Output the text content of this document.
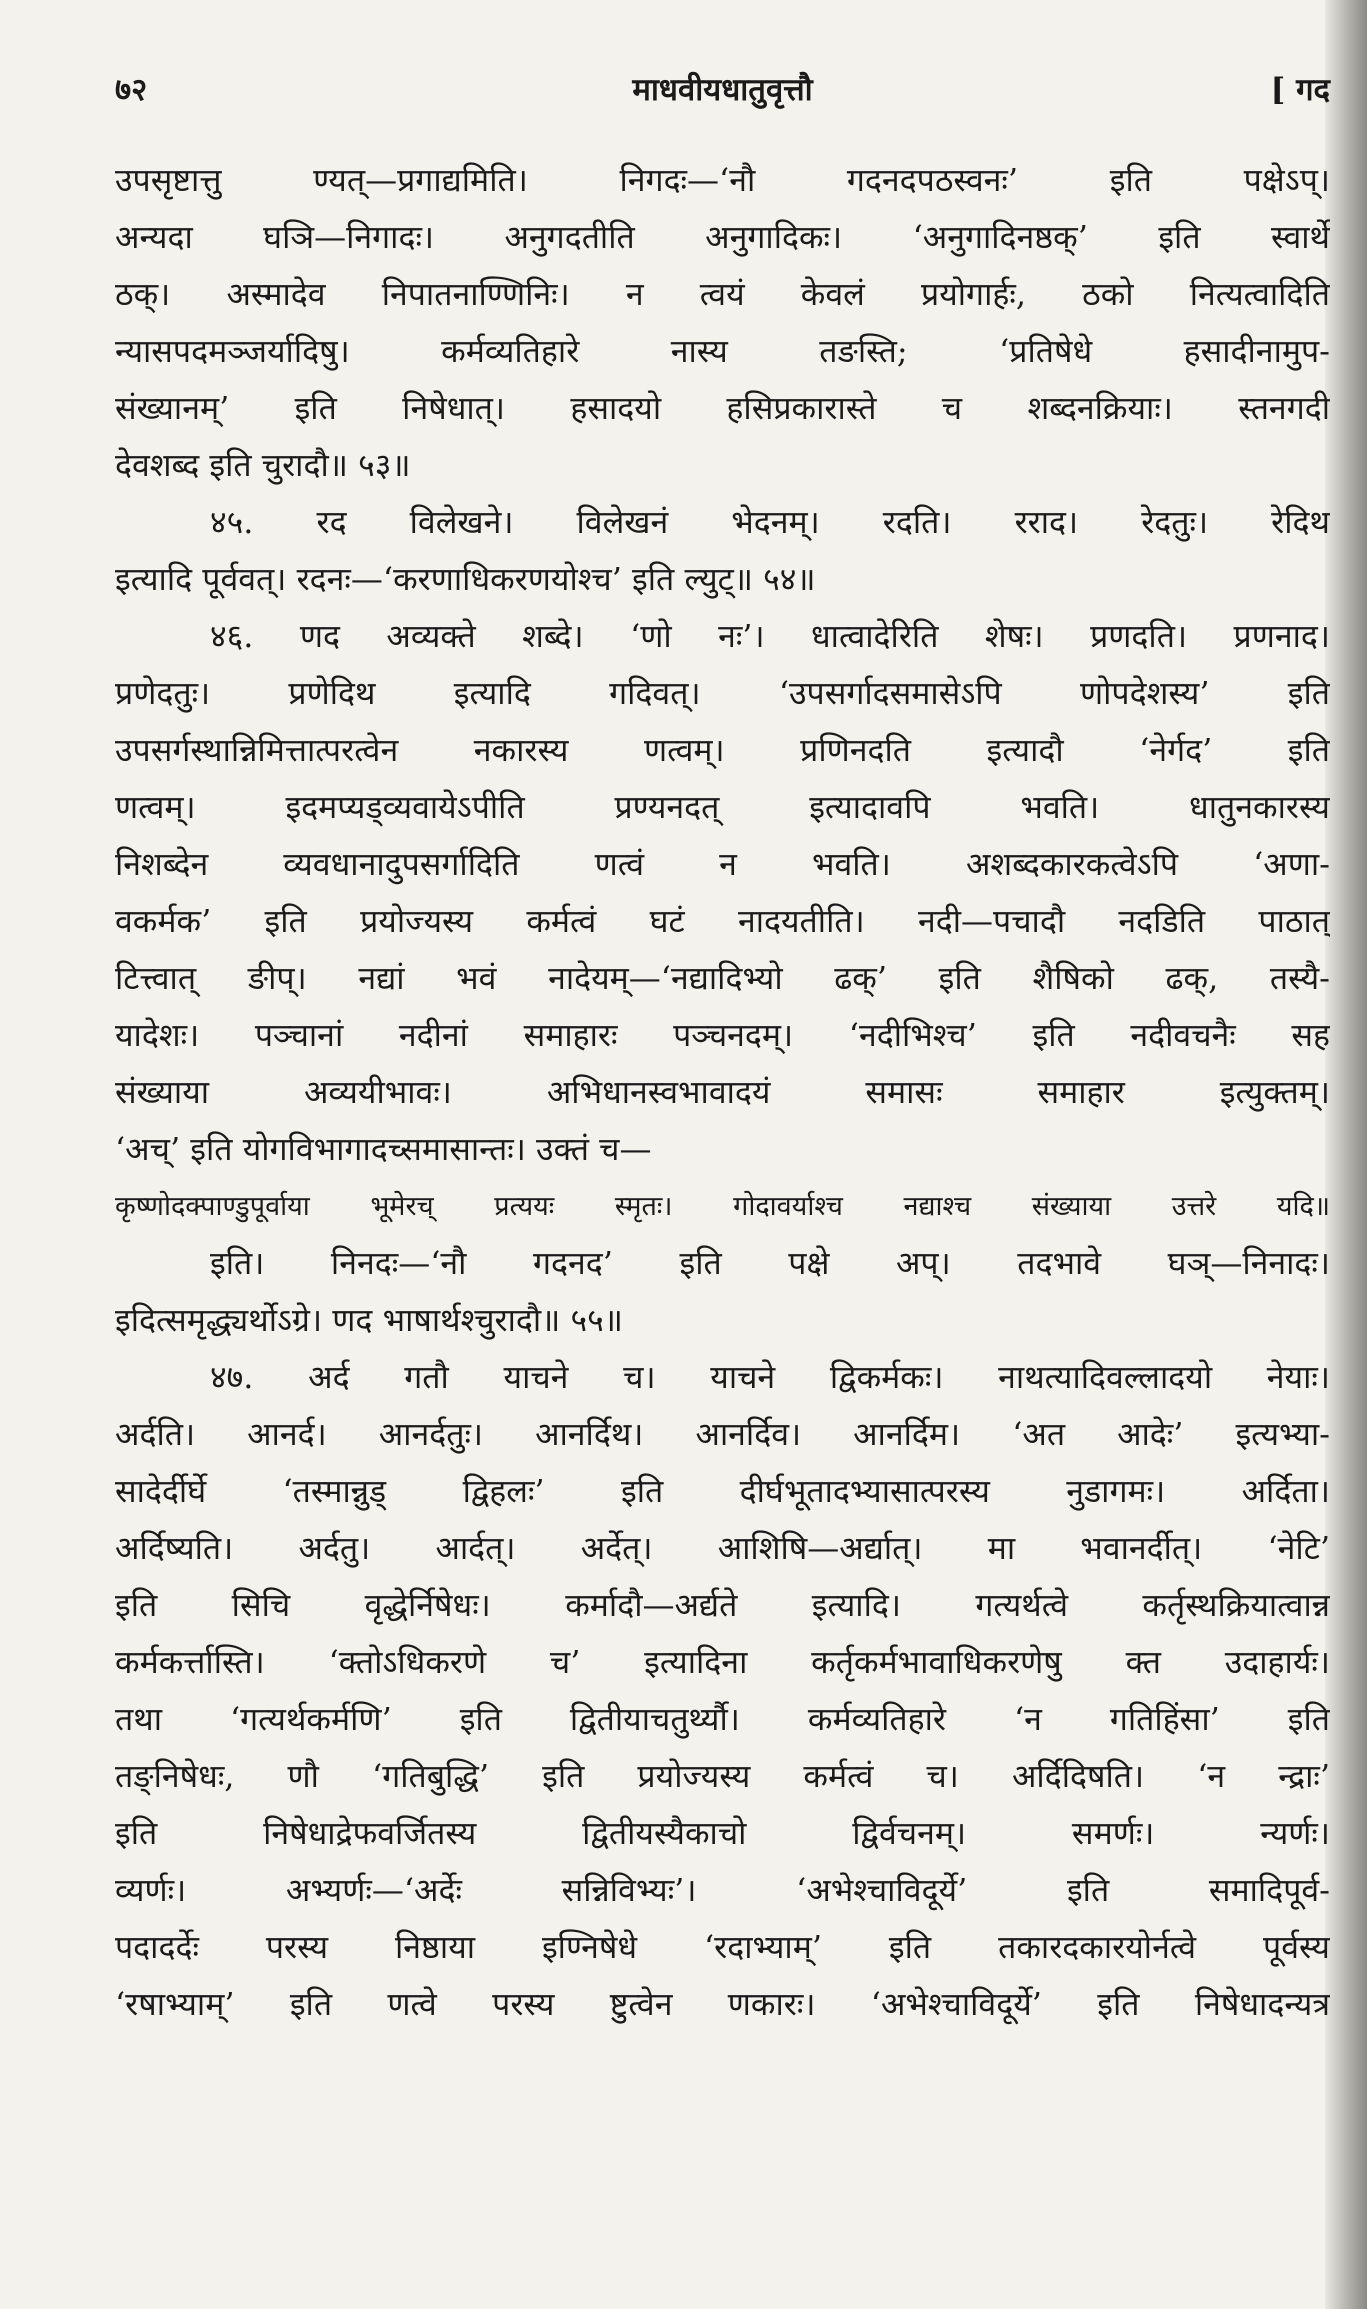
७२	माधवीयधातुवृत्तौ	[ गद
उपसृष्टात्तु ण्यत्—प्रगाद्यमिति। निगदः—‘नौ गदनदपठस्वनः’ इति पक्षेऽप्।
अन्यदा घञि—निगादः। अनुगदतीति अनुगादिकः। ‘अनुगादिनष्ठक्’ इति स्वार्थे
ठक्। अस्मादेव निपातनाण्णिनिः। न त्वयं केवलं प्रयोगार्हः, ठको नित्यत्वादिति
न्यासपदमञ्जर्यादिषु। कर्मव्यतिहारे नास्य तङस्ति; ‘प्रतिषेधे हसादीनामुप-
संख्यानम्’ इति निषेधात्। हसादयो हसिप्रकारास्ते च शब्दनक्रियाः। स्तनगदी
देवशब्द इति चुरादौ॥ ५३॥
४५. रद विलेखने। विलेखनं भेदनम्। रदति। रराद। रेदतुः। रेदिथ
इत्यादि पूर्ववत्। रदनः—‘करणाधिकरणयोश्च’ इति ल्युट्॥ ५४॥
४६. णद अव्यक्ते शब्दे। ‘णो नः’। धात्वादेरिति शेषः। प्रणदति। प्रणनाद।
प्रणेदतुः। प्रणेदिथ इत्यादि गदिवत्। ‘उपसर्गादसमासेऽपि णोपदेशस्य’ इति
उपसर्गस्थान्निमित्तात्परत्वेन नकारस्य णत्वम्। प्रणिनदति इत्यादौ ‘नेर्गद’ इति
णत्वम्। इदमप्यड्व्यवायेऽपीति प्रण्यनदत् इत्यादावपि भवति। धातुनकारस्य
निशब्देन व्यवधानादुपसर्गादिति णत्वं न भवति। अशब्दकारकत्वेऽपि ‘अणा-
वकर्मक’ इति प्रयोज्यस्य कर्मत्वं घटं नादयतीति। नदी—पचादौ नदडिति पाठात्
टित्त्वात् ङीप्। नद्यां भवं नादेयम्—‘नद्यादिभ्यो ढक्’ इति शैषिको ढक्, तस्यै-
यादेशः। पञ्चानां नदीनां समाहारः पञ्चनदम्। ‘नदीभिश्च’ इति नदीवचनैः सह
संख्याया अव्ययीभावः। अभिधानस्वभावादयं समासः समाहार इत्युक्तम्।
‘अच्’ इति योगविभागादच्समासान्तः। उक्तं च—
कृष्णोदक्पाण्डुपूर्वाया भूमेरच् प्रत्ययः स्मृतः। गोदावर्याश्च नद्याश्च संख्याया उत्तरे यदि॥
इति। निनदः—‘नौ गदनद’ इति पक्षे अप्। तदभावे घञ्—निनादः।
इदित्समृद्ध्यर्थोऽग्रे। णद भाषार्थश्चुरादौ॥ ५५॥
४७. अर्द गतौ याचने च। याचने द्विकर्मकः। नाथत्यादिवल्लादयो नेयाः।
अर्दति। आनर्द। आनर्दतुः। आनर्दिथ। आनर्दिव। आनर्दिम। ‘अत आदेः’ इत्यभ्या-
सादेर्दीर्घे ‘तस्मान्नुड् द्विहलः’ इति दीर्घभूतादभ्यासात्परस्य नुडागमः। अर्दिता।
अर्दिष्यति। अर्दतु। आर्दत्। अर्देत्। आशिषि—अर्द्यात्। मा भवानर्दीत्। ‘नेटि’
इति सिचि वृद्धेर्निषेधः। कर्मादौ—अर्द्यते इत्यादि। गत्यर्थत्वे कर्तृस्थक्रियात्वान्न
कर्मकर्त्तास्ति। ‘क्तोऽधिकरणे च’ इत्यादिना कर्तृकर्मभावाधिकरणेषु क्त उदाहार्यः।
तथा ‘गत्यर्थकर्मणि’ इति द्वितीयाचतुर्थ्यौ। कर्मव्यतिहारे ‘न गतिहिंसा’ इति
तङ्निषेधः, णौ ‘गतिबुद्धि’ इति प्रयोज्यस्य कर्मत्वं च। अर्दिदिषति। ‘न न्द्राः’
इति निषेधाद्रेफवर्जितस्य द्वितीयस्यैकाचो द्विर्वचनम्। समर्णः। न्यर्णः।
व्यर्णः। अभ्यर्णः—‘अर्देः सन्निविभ्यः’। ‘अभेश्चाविदूर्ये’ इति समादिपूर्व-
पदादर्देः परस्य निष्ठाया इण्निषेधे ‘रदाभ्याम्’ इति तकारदकारयोर्नत्वे पूर्वस्य
‘रषाभ्याम्’ इति णत्वे परस्य ष्टुत्वेन णकारः। ‘अभेश्चाविदूर्ये’ इति निषेधादन्यत्र
